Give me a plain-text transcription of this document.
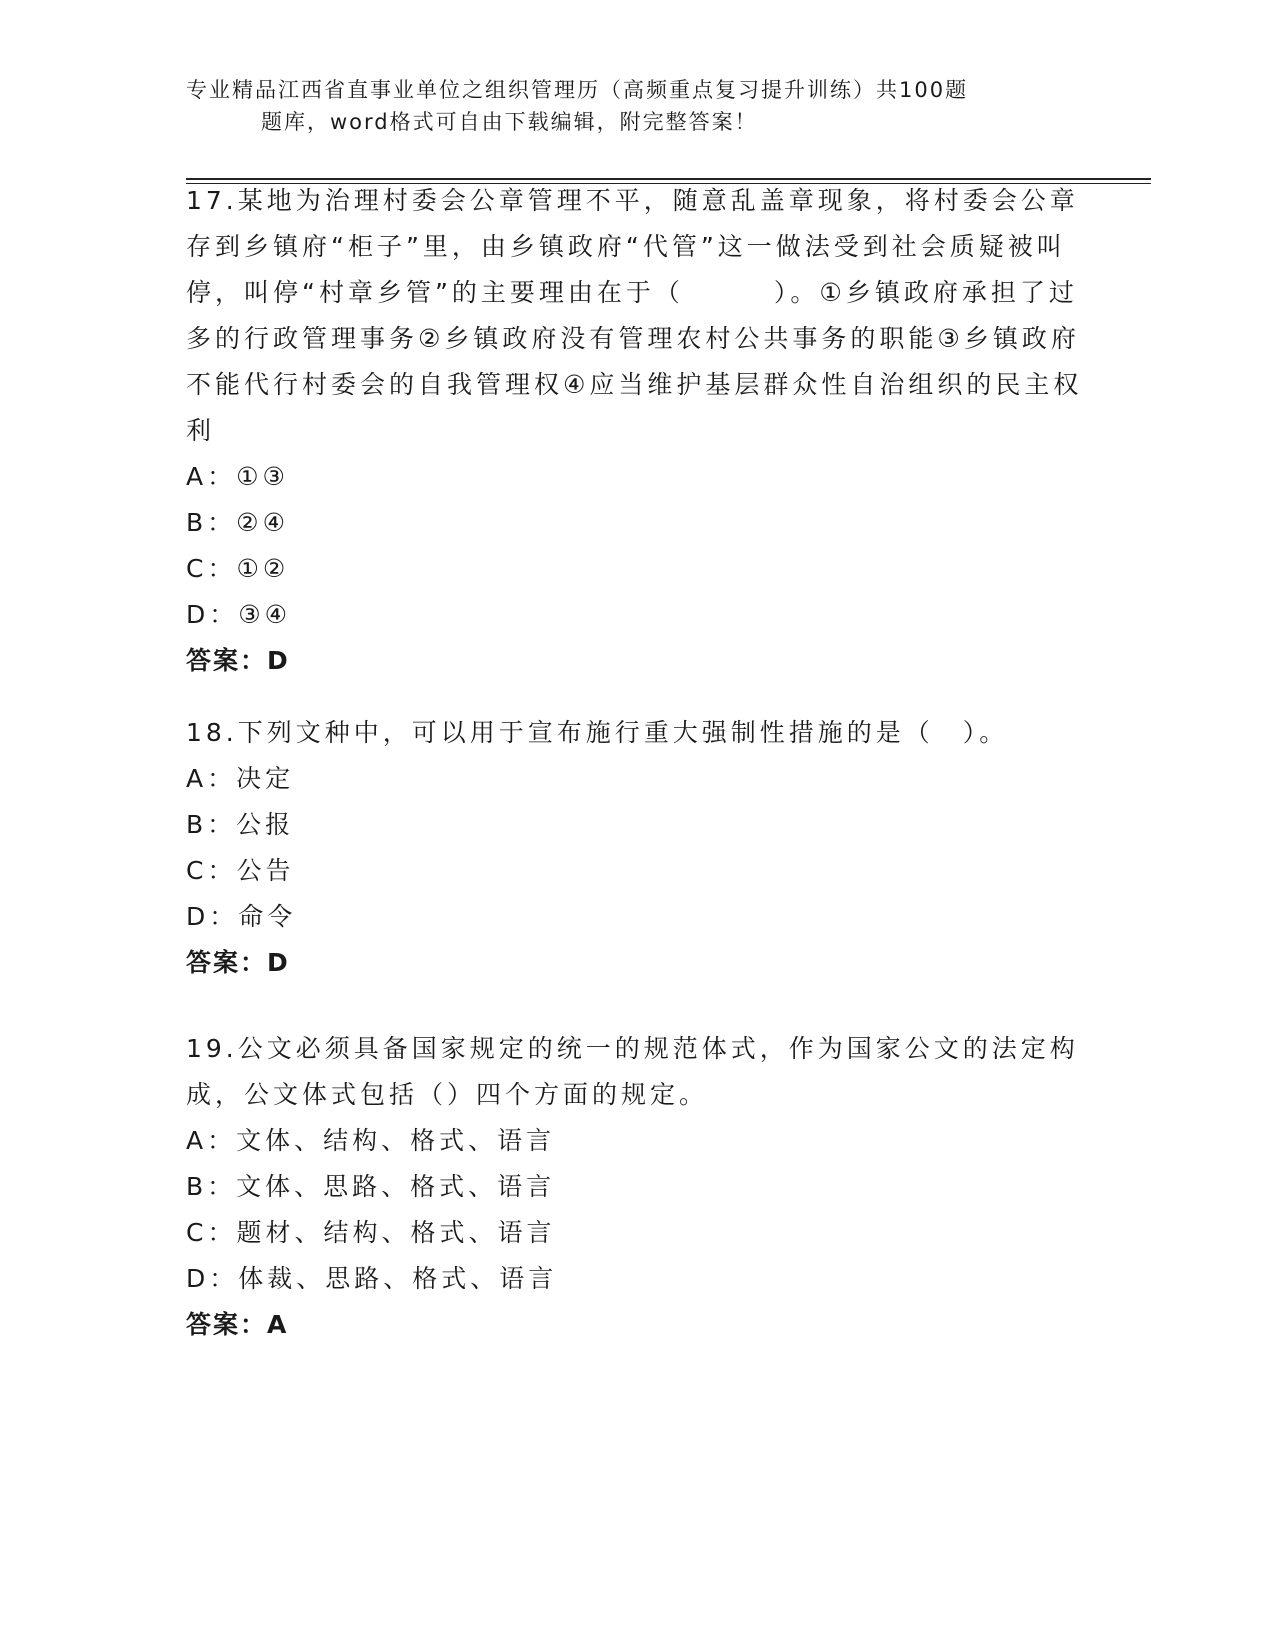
专业精品江西省直事业单位之组织管理历（高频重点复习提升训练）共100题
题库，word格式可自由下载编辑，附完整答案！
17.某地为治理村委会公章管理不平，随意乱盖章现象，将村委会公章存到乡镇府“柜子”里，由乡镇政府“代管”这一做法受到社会质疑被叫停，叫停“村章乡管”的主要理由在于（	）。①乡镇政府承担了过多的行政管理事务②乡镇政府没有管理农村公共事务的职能③乡镇政府不能代行村委会的自我管理权④应当维护基层群众性自治组织的民主权利
A：①③
B：②④
C：①②
D：③④
答案：D
18.下列文种中，可以用于宣布施行重大强制性措施的是（　）。
A：决定
B：公报
C：公告
D：命令
答案：D
19.公文必须具备国家规定的统一的规范体式，作为国家公文的法定构成，公文体式包括（）四个方面的规定。
A：文体、结构、格式、语言
B：文体、思路、格式、语言
C：题材、结构、格式、语言
D：体裁、思路、格式、语言
答案：A
